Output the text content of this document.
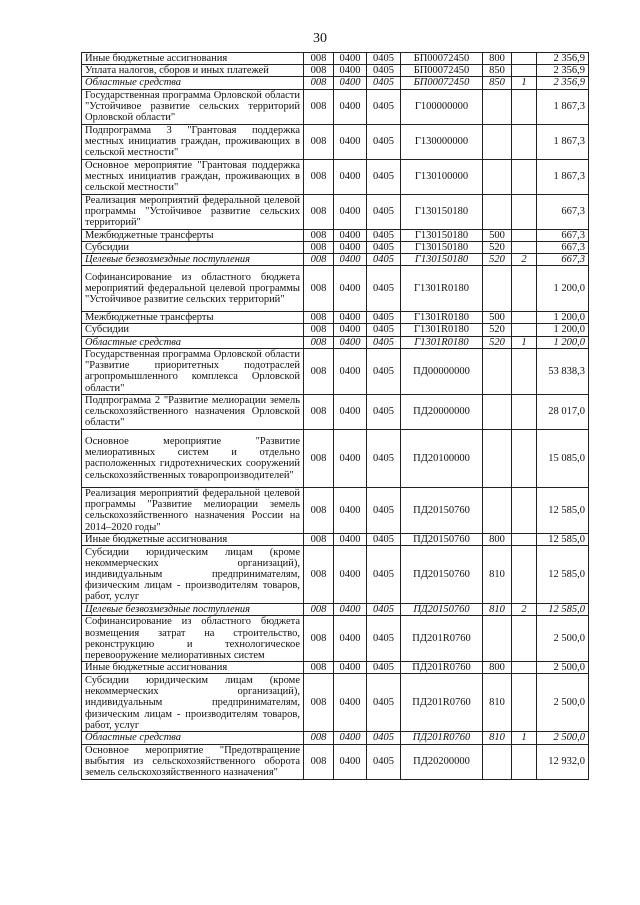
30
Иные бюджетные ассигнования	008	0400	0405	БП00072450	800		2 356,9
Уплата налогов, сборов и иных платежей	008	0400	0405	БП00072450	850		2 356,9
Областные средства	008	0400	0405	БП00072450	850	1	2 356,9
Государственная программа Орловской области "Устойчивое развитие сельских территорий Орловской области"	008	0400	0405	Г100000000			1 867,3
Подпрограмма 3 "Грантовая поддержка местных инициатив граждан, проживающих в сельской местности"	008	0400	0405	Г130000000			1 867,3
Основное мероприятие "Грантовая поддержка местных инициатив граждан, проживающих в сельской местности"	008	0400	0405	Г130100000			1 867,3
Реализация мероприятий федеральной целевой программы "Устойчивое развитие сельских территорий"	008	0400	0405	Г130150180			667,3
Межбюджетные трансферты	008	0400	0405	Г130150180	500		667,3
Субсидии	008	0400	0405	Г130150180	520		667,3
Целевые безвозмездные поступления	008	0400	0405	Г130150180	520	2	667,3
Софинансирование из областного бюджета мероприятий федеральной целевой программы "Устойчивое развитие сельских территорий"	008	0400	0405	Г1301R0180			1 200,0
Межбюджетные трансферты	008	0400	0405	Г1301R0180	500		1 200,0
Субсидии	008	0400	0405	Г1301R0180	520		1 200,0
Областные средства	008	0400	0405	Г1301R0180	520	1	1 200,0
Государственная программа Орловской области "Развитие приоритетных подотраслей агропромышленного комплекса Орловской области"	008	0400	0405	ПД00000000			53 838,3
Подпрограмма 2 "Развитие мелиорации земель сельскохозяйственного назначения Орловской области"	008	0400	0405	ПД20000000			28 017,0
Основное мероприятие "Развитие мелиоративных систем и отдельно расположенных гидротехнических сооружений сельскохозяйственных товаропроизводителей"	008	0400	0405	ПД20100000			15 085,0
Реализация мероприятий федеральной целевой программы "Развитие мелиорации земель сельскохозяйственного назначения России на 2014–2020 годы"	008	0400	0405	ПД20150760			12 585,0
Иные бюджетные ассигнования	008	0400	0405	ПД20150760	800		12 585,0
Субсидии юридическим лицам (кроме некоммерческих организаций), индивидуальным предпринимателям, физическим лицам - производителям товаров, работ, услуг	008	0400	0405	ПД20150760	810		12 585,0
Целевые безвозмездные поступления	008	0400	0405	ПД20150760	810	2	12 585,0
Софинансирование из областного бюджета возмещения затрат на строительство, реконструкцию и технологическое перевооружение мелиоративных систем	008	0400	0405	ПД201R0760			2 500,0
Иные бюджетные ассигнования	008	0400	0405	ПД201R0760	800		2 500,0
Субсидии юридическим лицам (кроме некоммерческих организаций), индивидуальным предпринимателям, физическим лицам - производителям товаров, работ, услуг	008	0400	0405	ПД201R0760	810		2 500,0
Областные средства	008	0400	0405	ПД201R0760	810	1	2 500,0
Основное мероприятие "Предотвращение выбытия из сельскохозяйственного оборота земель сельскохозяйственного назначения"	008	0400	0405	ПД20200000			12 932,0
